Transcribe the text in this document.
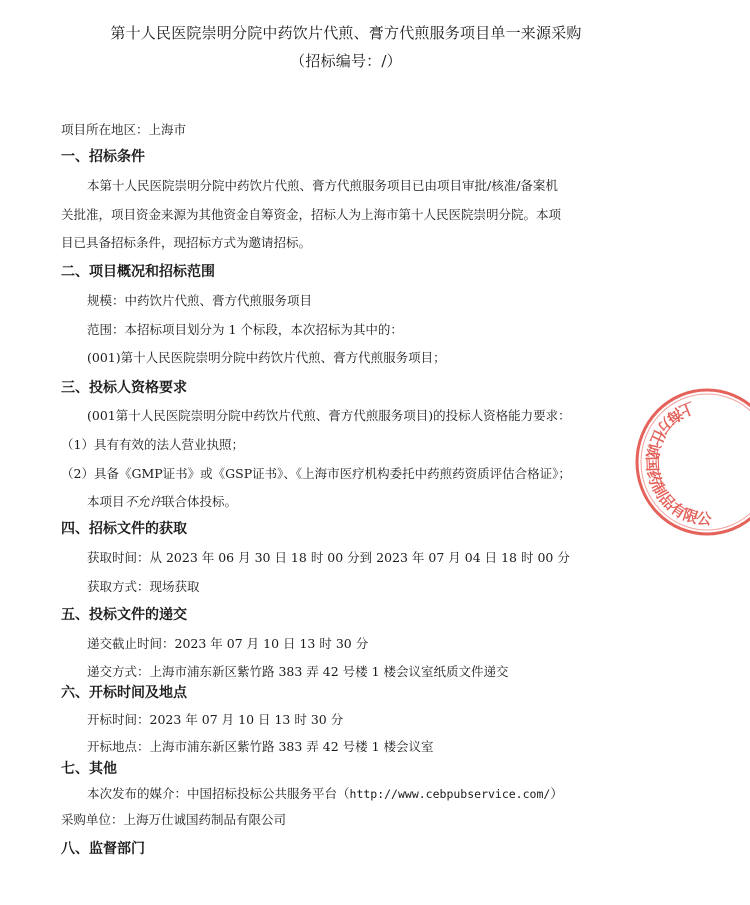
第十人民医院崇明分院中药饮片代煎、膏方代煎服务项目单一来源采购
（招标编号：/）
项目所在地区：上海市
一、招标条件
本第十人民医院崇明分院中药饮片代煎、膏方代煎服务项目已由项目审批/核准/备案机
关批准，项目资金来源为其他资金自筹资金，招标人为上海市第十人民医院崇明分院。本项
目已具备招标条件，现招标方式为邀请招标。
二、项目概况和招标范围
规模：中药饮片代煎、膏方代煎服务项目
范围：本招标项目划分为 1 个标段，本次招标为其中的：
(001)第十人民医院崇明分院中药饮片代煎、膏方代煎服务项目；
三、投标人资格要求
(001第十人民医院崇明分院中药饮片代煎、膏方代煎服务项目)的投标人资格能力要求：
（1）具有有效的法人营业执照；
（2）具备《GMP证书》或《GSP证书》、《上海市医疗机构委托中药煎药资质评估合格证》；
本项目不允许联合体投标。
四、招标文件的获取
获取时间：从 2023 年 06 月 30 日 18 时 00 分到 2023 年 07 月 04 日 18 时 00 分
获取方式：现场获取
五、投标文件的递交
递交截止时间：2023 年 07 月 10 日 13 时 30 分
递交方式：上海市浦东新区紫竹路 383 弄 42 号楼 1 楼会议室纸质文件递交
六、开标时间及地点
开标时间：2023 年 07 月 10 日 13 时 30 分
开标地点：上海市浦东新区紫竹路 383 弄 42 号楼 1 楼会议室
七、其他
本次发布的媒介：中国招标投标公共服务平台（http://www.cebpubservice.com/）
采购单位：上海万仕诚国药制品有限公司
八、监督部门
上海万仕诚国药制品有限公司
